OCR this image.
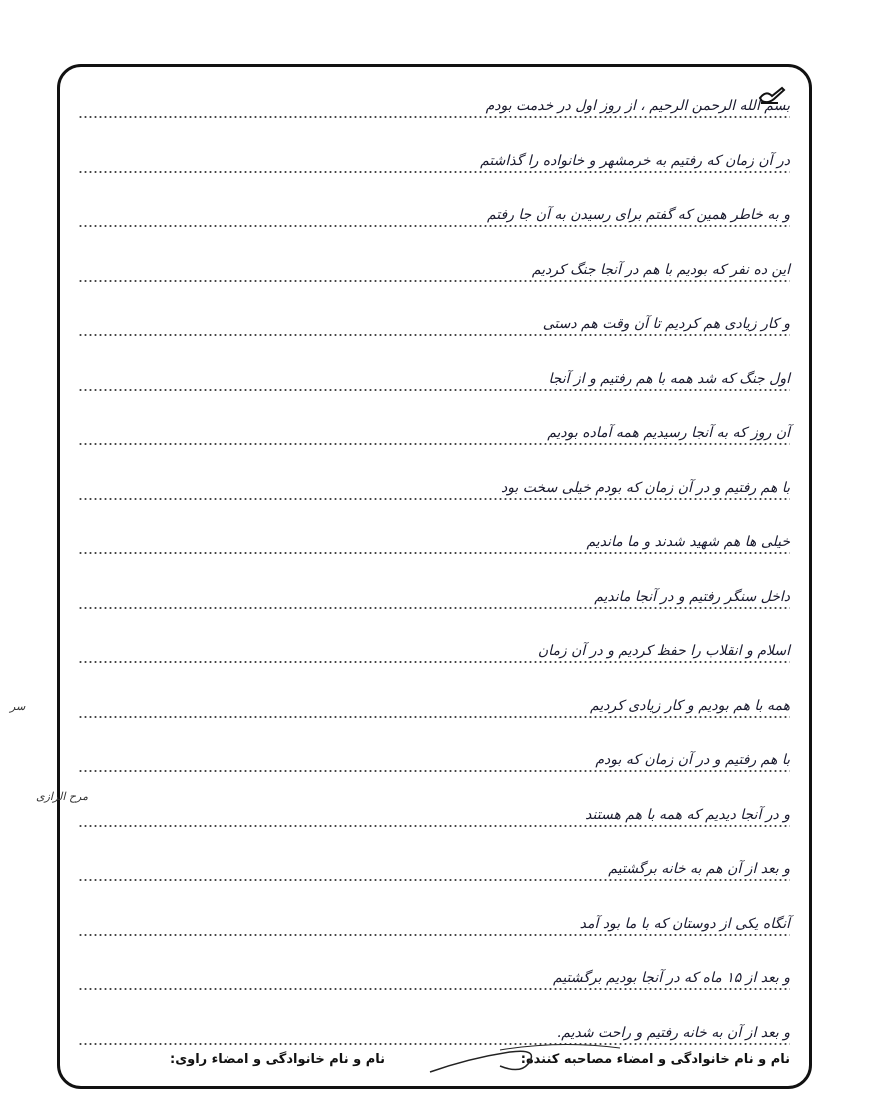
بسم الله الرحمن الرحیم ، از روز اول در خدمت بودم
در آن زمان که رفتیم به خرمشهر و خانواده را گذاشتم
و به خاطر همین که گفتم برای رسیدن به آن جا رفتم
این ده نفر که بودیم با هم در آنجا جنگ کردیم
و کار زیادی هم کردیم تا آن وقت هم دستی
اول جنگ که شد همه با هم رفتیم و از آنجا
آن روز که به آنجا رسیدیم همه آماده بودیم
با هم رفتیم و در آن زمان که بودم خیلی سخت بود
خیلی ها هم شهید شدند و ما ماندیم
داخل سنگر رفتیم و در آنجا ماندیم
اسلام و انقلاب را حفظ کردیم و در آن زمان
همه با هم بودیم و کار زیادی کردیم
با هم رفتیم و در آن زمان که بودم
و در آنجا دیدیم که همه با هم هستند
و بعد از آن هم به خانه برگشتیم
آنگاه یکی از دوستان که با ما بود آمد
و بعد از ۱۵ ماه که در آنجا بودیم برگشتیم
و بعد از آن به خانه رفتیم و راحت شدیم.
نام و نام خانوادگی و امضاء مصاحبه کننده:
نام و نام خانوادگی و امضاء راوی:
مرح الرازی
سر
